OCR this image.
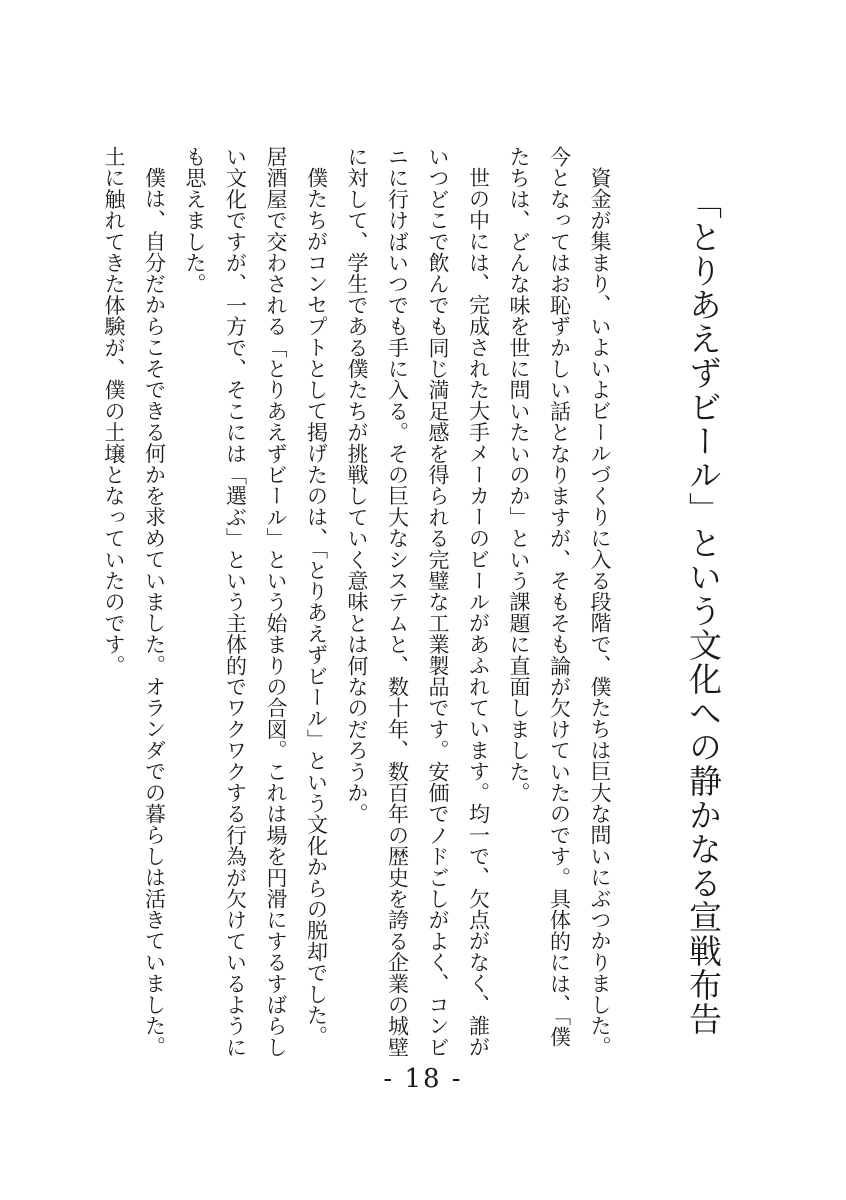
「とりあえずビール」という文化への静かなる宣戦布告

資金が集まり、いよいよビールづくりに入る段階で、僕たちは巨大な問いにぶつかりました。今となってはお恥ずかしい話となりますが、そもそも論が欠けていたのです。具体的には、「僕たちは、どんな味を世に問いたいのか」という課題に直面しました。

世の中には、完成された大手メーカーのビールがあふれています。均一で、欠点がなく、誰がいつどこで飲んでも同じ満足感を得られる完璧な工業製品です。安価でノドごしがよく、コンビニに行けばいつでも手に入る。その巨大なシステムと、数十年、数百年の歴史を誇る企業の城壁に対して、学生である僕たちが挑戦していく意味とは何なのだろうか。

僕たちがコンセプトとして掲げたのは、「とりあえずビール」という文化からの脱却でした。居酒屋で交わされる「とりあえずビール」という始まりの合図。これは場を円滑にするすばらしい文化ですが、一方で、そこには「選ぶ」という主体的でワクワクする行為が欠けているようにも思えました。

僕は、自分だからこそできる何かを求めていました。オランダでの暮らしは活きていました。土に触れてきた体験が、僕の土壌となっていたのです。

- 18 -
